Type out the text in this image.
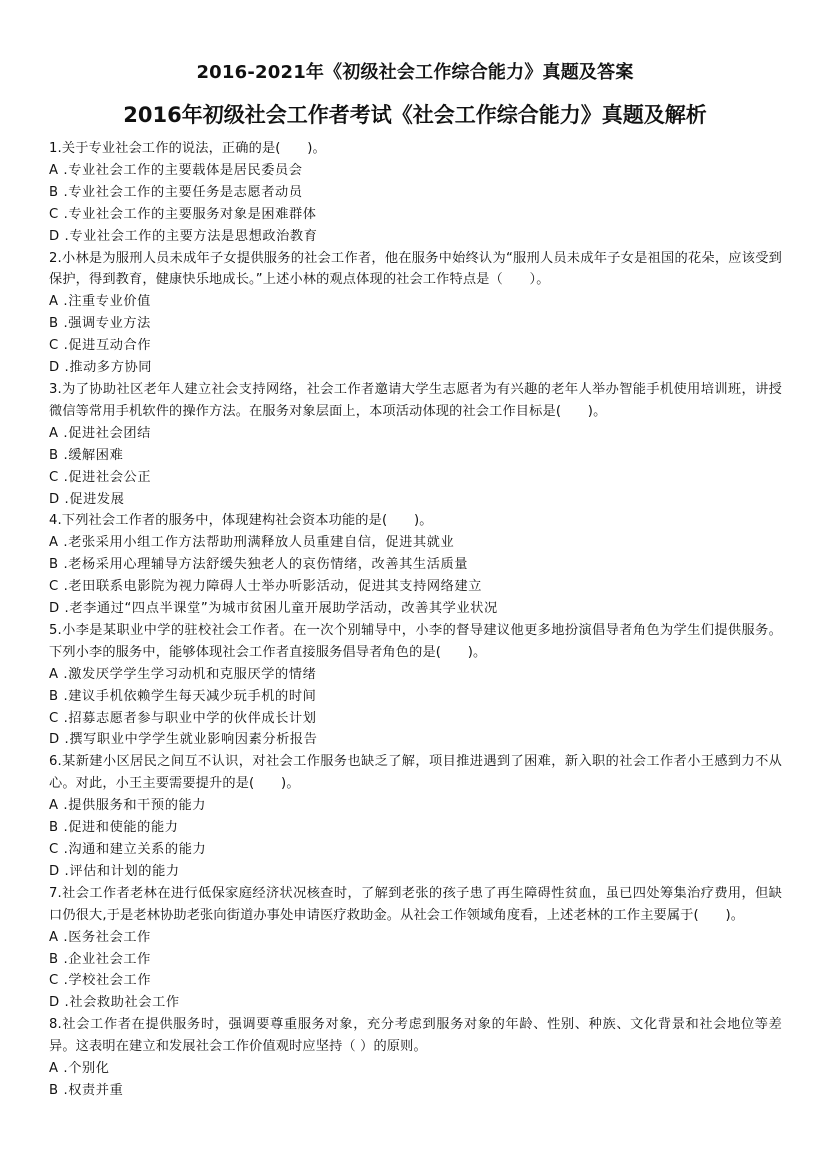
2016-2021年《初级社会工作综合能力》真题及答案
2016年初级社会工作者考试《社会工作综合能力》真题及解析
1.关于专业社会工作的说法，正确的是(　　)。
A .专业社会工作的主要载体是居民委员会
B .专业社会工作的主要任务是志愿者动员
C .专业社会工作的主要服务对象是困难群体
D .专业社会工作的主要方法是思想政治教育
2.小林是为服刑人员未成年子女提供服务的社会工作者，他在服务中始终认为“服刑人员未成年子女是祖国的花朵，应该受到保护，得到教育，健康快乐地成长。”上述小林的观点体现的社会工作特点是（　　）。
A .注重专业价值
B .强调专业方法
C .促进互动合作
D .推动多方协同
3.为了协助社区老年人建立社会支持网络，社会工作者邀请大学生志愿者为有兴趣的老年人举办智能手机使用培训班，讲授微信等常用手机软件的操作方法。在服务对象层面上，本项活动体现的社会工作目标是(　　)。
A .促进社会团结
B .缓解困难
C .促进社会公正
D .促进发展
4.下列社会工作者的服务中，体现建构社会资本功能的是(　　)。
A .老张采用小组工作方法帮助刑满释放人员重建自信，促进其就业
B .老杨采用心理辅导方法舒缓失独老人的哀伤情绪，改善其生活质量
C .老田联系电影院为视力障碍人士举办听影活动，促进其支持网络建立
D .老李通过“四点半课堂”为城市贫困儿童开展助学活动，改善其学业状况
5.小李是某职业中学的驻校社会工作者。在一次个别辅导中，小李的督导建议他更多地扮演倡导者角色为学生们提供服务。下列小李的服务中，能够体现社会工作者直接服务倡导者角色的是(　　)。
A .激发厌学学生学习动机和克服厌学的情绪
B .建议手机依赖学生每天减少玩手机的时间
C .招募志愿者参与职业中学的伙伴成长计划
D .撰写职业中学学生就业影响因素分析报告
6.某新建小区居民之间互不认识，对社会工作服务也缺乏了解，项目推进遇到了困难，新入职的社会工作者小王感到力不从心。对此，小王主要需要提升的是(　　)。
A .提供服务和干预的能力
B .促进和使能的能力
C .沟通和建立关系的能力
D .评估和计划的能力
7.社会工作者老林在进行低保家庭经济状况核查时，了解到老张的孩子患了再生障碍性贫血，虽已四处筹集治疗费用，但缺口仍很大,于是老林协助老张向街道办事处申请医疗救助金。从社会工作领域角度看，上述老林的工作主要属于(　　)。
A .医务社会工作
B .企业社会工作
C .学校社会工作
D .社会救助社会工作
8.社会工作者在提供服务时，强调要尊重服务对象，充分考虑到服务对象的年龄、性别、种族、文化背景和社会地位等差异。这表明在建立和发展社会工作价值观时应坚持（ ）的原则。
A .个别化
B .权责并重
